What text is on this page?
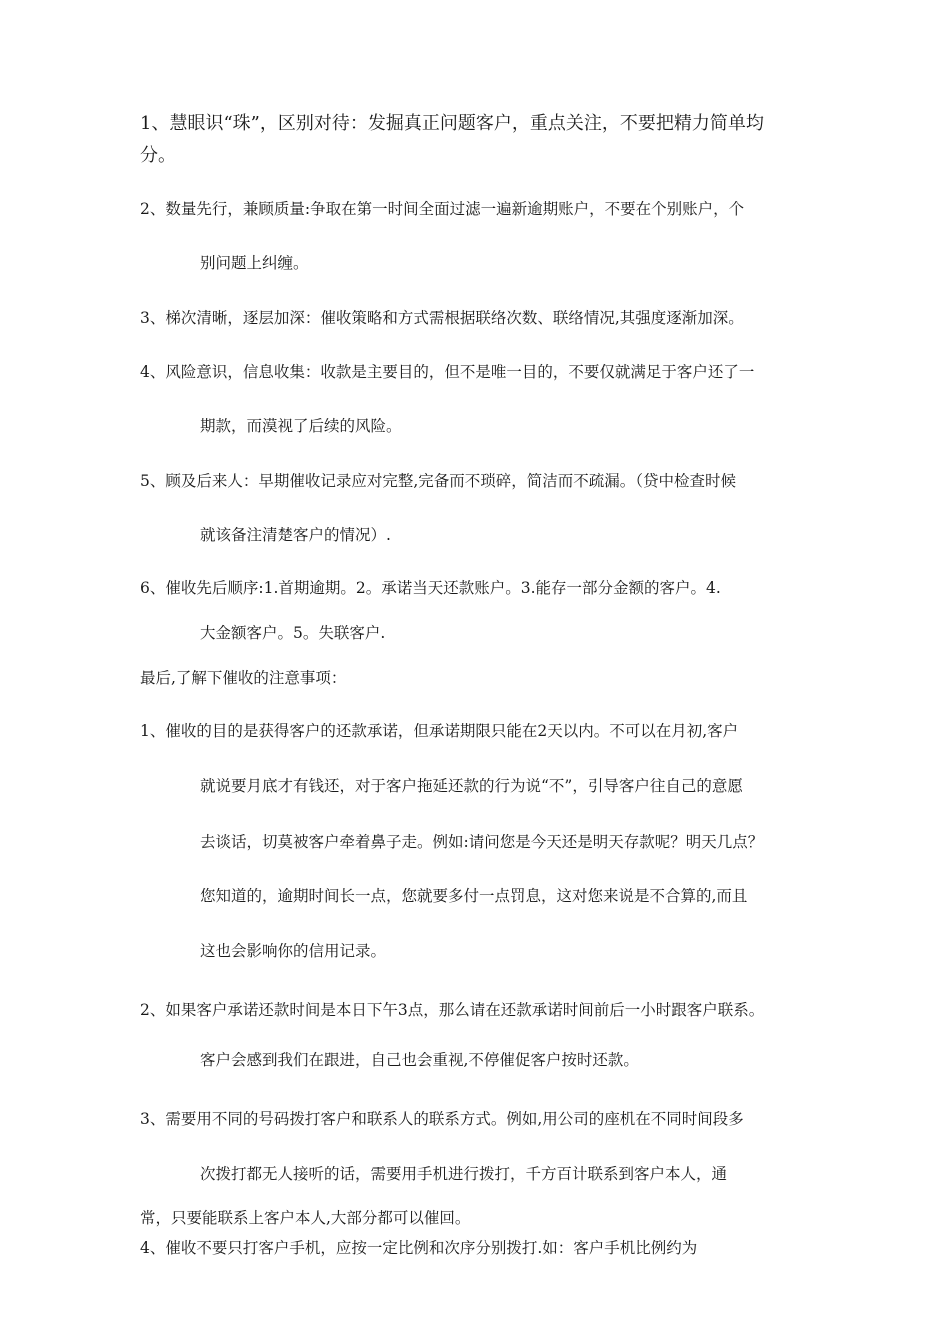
1、慧眼识“珠”，区别对待：发掘真正问题客户，重点关注，不要把精力简单均
分。
2、数量先行，兼顾质量:争取在第一时间全面过滤一遍新逾期账户，不要在个别账户，个
别问题上纠缠。
3、梯次清晰，逐层加深：催收策略和方式需根据联络次数、联络情况,其强度逐渐加深。
4、风险意识，信息收集：收款是主要目的，但不是唯一目的，不要仅就满足于客户还了一
期款，而漠视了后续的风险。
5、顾及后来人：早期催收记录应对完整,完备而不琐碎，简洁而不疏漏。（贷中检查时候
就该备注清楚客户的情况）.
6、催收先后顺序:1.首期逾期。2。承诺当天还款账户。3.能存一部分金额的客户。4.
大金额客户。5。失联客户.
最后,了解下催收的注意事项：
1、催收的目的是获得客户的还款承诺，但承诺期限只能在2天以内。不可以在月初,客户
就说要月底才有钱还，对于客户拖延还款的行为说“不”，引导客户往自己的意愿
去谈话，切莫被客户牵着鼻子走。例如:请问您是今天还是明天存款呢？明天几点？
您知道的，逾期时间长一点，您就要多付一点罚息，这对您来说是不合算的,而且
这也会影响你的信用记录。
2、如果客户承诺还款时间是本日下午3点，那么请在还款承诺时间前后一小时跟客户联系。
客户会感到我们在跟进，自己也会重视,不停催促客户按时还款。
3、需要用不同的号码拨打客户和联系人的联系方式。例如,用公司的座机在不同时间段多
次拨打都无人接听的话，需要用手机进行拨打，千方百计联系到客户本人，通
常，只要能联系上客户本人,大部分都可以催回。
4、催收不要只打客户手机，应按一定比例和次序分别拨打.如：客户手机比例约为
